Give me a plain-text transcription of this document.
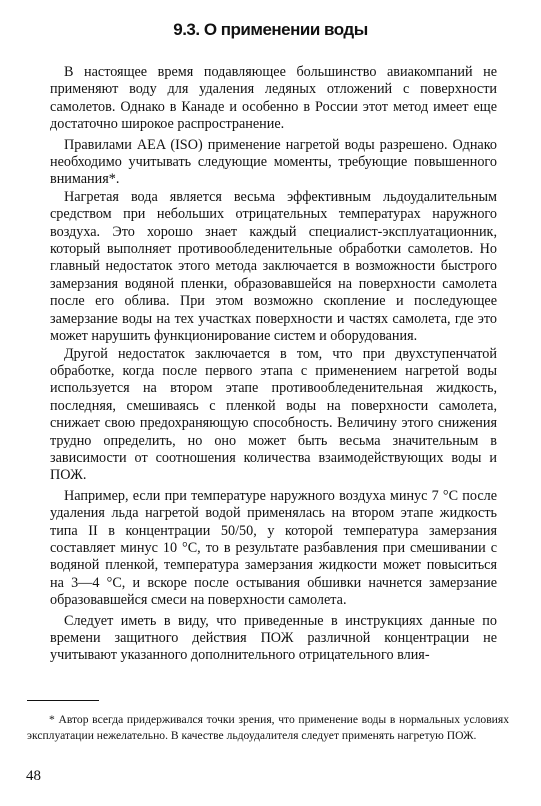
9.3. О применении воды

В настоящее время подавляющее большинство авиакомпаний не применяют воду для удаления ледяных отложений с поверхности самолетов. Однако в Канаде и особенно в России этот метод имеет еще достаточно широкое распространение.

Правилами AEA (ISO) применение нагретой воды разрешено. Однако необходимо учитывать следующие моменты, требующие повышенного внимания*.

Нагретая вода является весьма эффективным льдоудалительным средством при небольших отрицательных температурах наружного воздуха. Это хорошо знает каждый специалист-эксплуатационник, который выполняет противообледенительные обработки самолетов. Но главный недостаток этого метода заключается в возможности быстрого замерзания водяной пленки, образовавшейся на поверхности самолета после его облива. При этом возможно скопление и последующее замерзание воды на тех участках поверхности и частях самолета, где это может нарушить функционирование систем и оборудования.

Другой недостаток заключается в том, что при двухступенчатой обработке, когда после первого этапа с применением нагретой воды используется на втором этапе противообледенительная жидкость, последняя, смешиваясь с пленкой воды на поверхности самолета, снижает свою предохраняющую способность. Величину этого снижения трудно определить, но оно может быть весьма значительным в зависимости от соотношения количества взаимодействующих воды и ПОЖ.

Например, если при температуре наружного воздуха минус 7 °C после удаления льда нагретой водой применялась на втором этапе жидкость типа II в концентрации 50/50, у которой температура замерзания составляет минус 10 °C, то в результате разбавления при смешивании с водяной пленкой, температура замерзания жидкости может повыситься на 3—4 °C, и вскоре после остывания обшивки начнется замерзание образовавшейся смеси на поверхности самолета.

Следует иметь в виду, что приведенные в инструкциях данные по времени защитного действия ПОЖ различной концентрации не учитывают указанного дополнительного отрицательного влия-

* Автор всегда придерживался точки зрения, что применение воды в нормальных условиях эксплуатации нежелательно. В качестве льдоудалителя следует применять нагретую ПОЖ.

48
